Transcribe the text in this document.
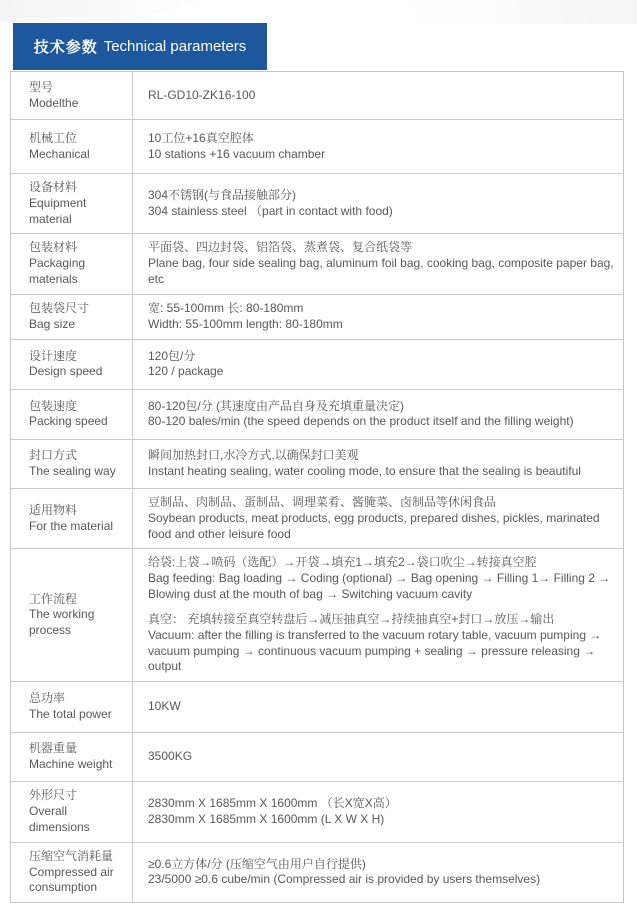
技术参数 Technical parameters
型号
Modelthe
RL-GD10-ZK16-100
机械工位
Mechanical
10工位+16真空腔体
10 stations +16 vacuum chamber
设备材料
Equipment material
304不锈钢(与食品接触部分)
304 stainless steel （part in contact with food)
包装材料
Packaging materials
平面袋、四边封袋、铝箔袋、蒸煮袋、复合纸袋等
Plane bag, four side sealing bag, aluminum foil bag, cooking bag, composite paper bag, etc
包装袋尺寸
Bag size
宽: 55-100mm 长: 80-180mm
Width: 55-100mm length: 80-180mm
设计速度
Design speed
120包/分
120 / package
包装速度
Packing speed
80-120包/分 (其速度由产品自身及充填重量决定)
80-120 bales/min (the speed depends on the product itself and the filling weight)
封口方式
The sealing way
瞬间加热封口,水冷方式,以确保封口美观
Instant heating sealing, water cooling mode, to ensure that the sealing is beautiful
适用物料
For the material
豆制品、肉制品、蛋制品、调理菜肴、酱腌菜、卤制品等休闲食品
Soybean products, meat products, egg products, prepared dishes, pickles, marinated food and other leisure food
工作流程
The working process
给袋:上袋→喷码（选配）→开袋→填充1→填充2→袋口吹尘→转接真空腔
Bag feeding: Bag loading → Coding (optional) → Bag opening → Filling 1→ Filling 2 → Blowing dust at the mouth of bag → Switching vacuum cavity
真空： 充填转接至真空转盘后→减压抽真空→持续抽真空+封口→放压→输出
Vacuum: after the filling is transferred to the vacuum rotary table, vacuum pumping → vacuum pumping → continuous vacuum pumping + sealing → pressure releasing → output
总功率
The total power
10KW
机器重量
Machine weight
3500KG
外形尺寸
Overall dimensions
2830mm X 1685mm X 1600mm （长X宽X高）
2830mm X 1685mm X 1600mm (L X W X H)
压缩空气消耗量
Compressed air consumption
≥0.6立方体/分 (压缩空气由用户自行提供)
23/5000 ≥0.6 cube/min (Compressed air is provided by users themselves)
